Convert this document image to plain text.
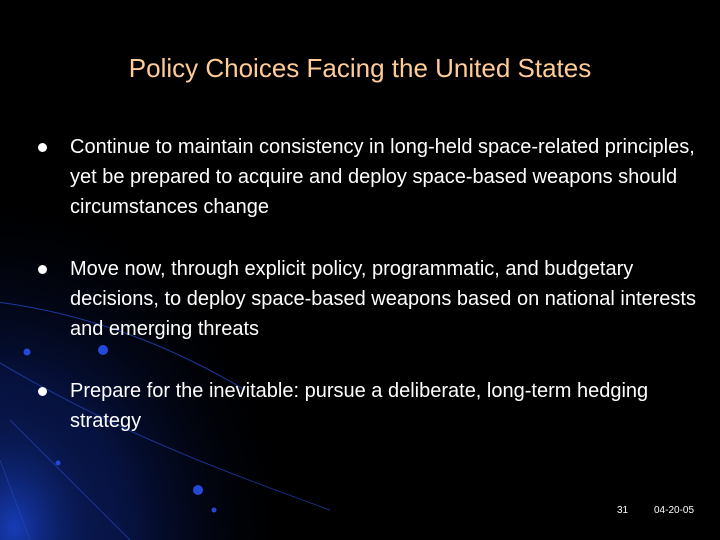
Policy Choices Facing the United States
Continue to maintain consistency in long-held space-related principles, yet be prepared to acquire and deploy space-based weapons should circumstances change
Move now, through explicit policy, programmatic, and budgetary decisions, to deploy space-based weapons based on national interests and emerging threats
Prepare for the inevitable: pursue a deliberate, long-term hedging strategy
31	04-20-05
